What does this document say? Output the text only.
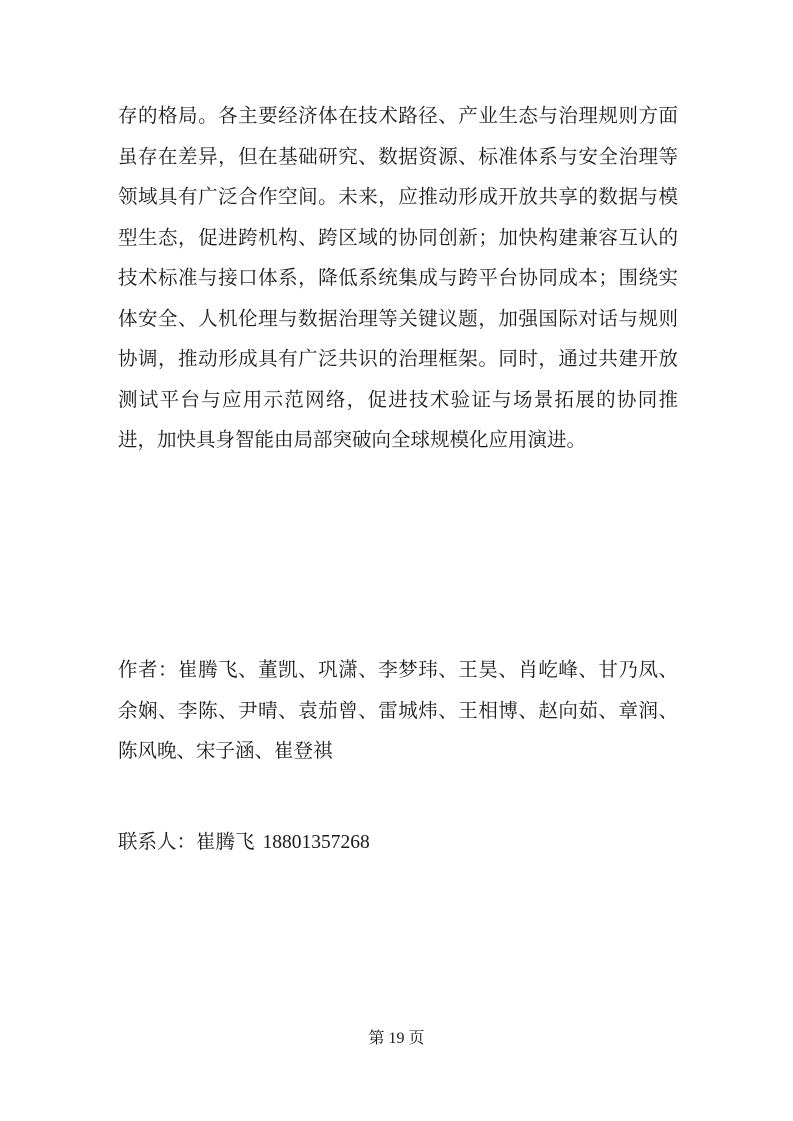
存的格局。各主要经济体在技术路径、产业生态与治理规则方面
虽存在差异，但在基础研究、数据资源、标准体系与安全治理等
领域具有广泛合作空间。未来，应推动形成开放共享的数据与模
型生态，促进跨机构、跨区域的协同创新；加快构建兼容互认的
技术标准与接口体系，降低系统集成与跨平台协同成本；围绕实
体安全、人机伦理与数据治理等关键议题，加强国际对话与规则
协调，推动形成具有广泛共识的治理框架。同时，通过共建开放
测试平台与应用示范网络，促进技术验证与场景拓展的协同推
进，加快具身智能由局部突破向全球规模化应用演进。
作者：崔腾飞、董凯、巩潇、李梦玮、王昊、肖屹峰、甘乃凤、
余娴、李陈、尹晴、袁茄曾、雷城炜、王相博、赵向茹、章润、
陈风晚、宋子涵、崔登祺
联系人：崔腾飞 18801357268
第 19 页
